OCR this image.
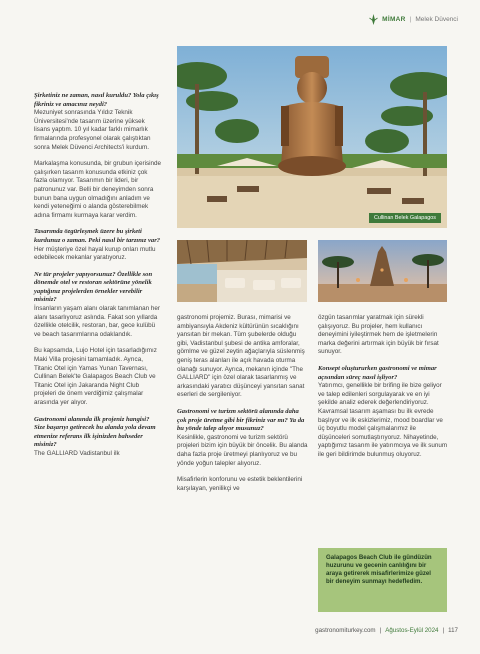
MİMAR | Melek Düvenci
Cullinan Belek Galapagos
Şirketiniz ne zaman, nasıl kuruldu? Yola çıkış fikriniz ve amacınız neydi?
Mezuniyet sonrasında Yıldız Teknik Üniversitesi'nde tasarım üzerine yüksek lisans yaptım. 10 yıl kadar farklı mimarlık firmalarında profesyonel olarak çalıştıktan sonra Melek Düvenci Architects'i kurdum.
Markalaşma konusunda, bir grubun içerisinde çalışırken tasarım konusunda etkiniz çok fazla olamıyor. Tasarımın bir lideri, bir patronunuz var. Belli bir deneyimden sonra bunun bana uygun olmadığını anladım ve kendi yeteneğimi o alanda gösterebilmek adına firmamı kurmaya karar verdim.
Tasarımda özgürleşmek üzere bu şirketi kurdunuz o zaman. Peki nasıl bir tarzınız var?
Her müşteriye özel hayal kurup onları mutlu edebilecek mekanlar yaratıyoruz.
Ne tür projeler yapıyorsunuz? Özellikle son dönemde otel ve restoran sektörüne yönelik yaptığınız projelerden örnekler verebilir misiniz?
İnsanların yaşam alanı olarak tanımlanan her alanı tasarlıyoruz aslında. Fakat son yıllarda özellikle otelcilik, restoran, bar, gece kulübü ve beach tasarımlarına odaklandık.
Bu kapsamda, Lujo Hotel için tasarladığımız Maki Villa projesini tamamladık. Ayrıca, Titanic Otel için Yamas Yunan Tavernası, Cullinan Belek'te Galapagos Beach Club ve Titanic Otel için Jakaranda Night Club projeleri de önem verdiğimiz çalışmalar arasında yer alıyor.
Gastronomi alanında ilk projeniz hangisi? Size başarıyı getirecek bu alanda yola devam etmenize referans ilk işinizden bahseder misiniz?
The GALLIARD Vadistanbul ilk
gastronomi projemiz. Burası, mimarisi ve ambiyansıyla Akdeniz kültürünün sıcaklığını yansıtan bir mekan. Tüm şubelerde olduğu gibi, Vadistanbul şubesi de antika amforalar, gömlme ve güzel zeytin ağaçlarıyla süslenmiş geniş teras alanları ile açık havada oturma olanağı sunuyor. Ayrıca, mekanın içinde "The GALLIARD" için özel olarak tasarlanmış ve arkasındaki yaratıcı düşünceyi yansıtan sanat eserleri de sergileniyor.
Gastronomi ve turizm sektörü alanında daha çok proje üretme gibi bir fikriniz var mı? Ya da bu yönde talep alıyor musunuz?
Kesinlikle, gastronomi ve turizm sektörü projeleri bizim için büyük bir öncelik. Bu alanda daha fazla proje üretmeyi planlıyoruz ve bu yönde yoğun talepler alıyoruz.
Misafirlerin konforunu ve estetik beklentilerini karşılayan, yenilikçi ve
özgün tasarımlar yaratmak için sürekli çalışıyoruz. Bu projeler, hem kullanıcı deneyimini iyileştirmek hem de işletmelerin marka değerini artırmak için büyük bir fırsat sunuyor.
Konsept oluştururken gastronomi ve mimar açısından süreç nasıl işliyor?
Yatırımcı, genellikle bir brifing ile bize geliyor ve talep edilenleri sorgulayarak ve en iyi şekilde analiz ederek değerlendiriyoruz. Kavramsal tasarım aşaması bu ilk evrede başlıyor ve ilk eskizlerimiz, mood boardlar ve üç boyutlu model çalışmalarımız ile düşünceleri somutlaştırıyoruz. Nihayetinde, yaptığımız tasarım ile yatırımcıya ve ilk sunum ile geri bildirimde bulunmuş oluyoruz.
Galapagos Beach Club ile gündüzün huzurunu ve gecenin canlılığını bir araya getirerek misafirlerimize güzel bir deneyim sunmayı hedefledim.
gastronomiturkey.com | Ağustos-Eylül 2024 | 117
